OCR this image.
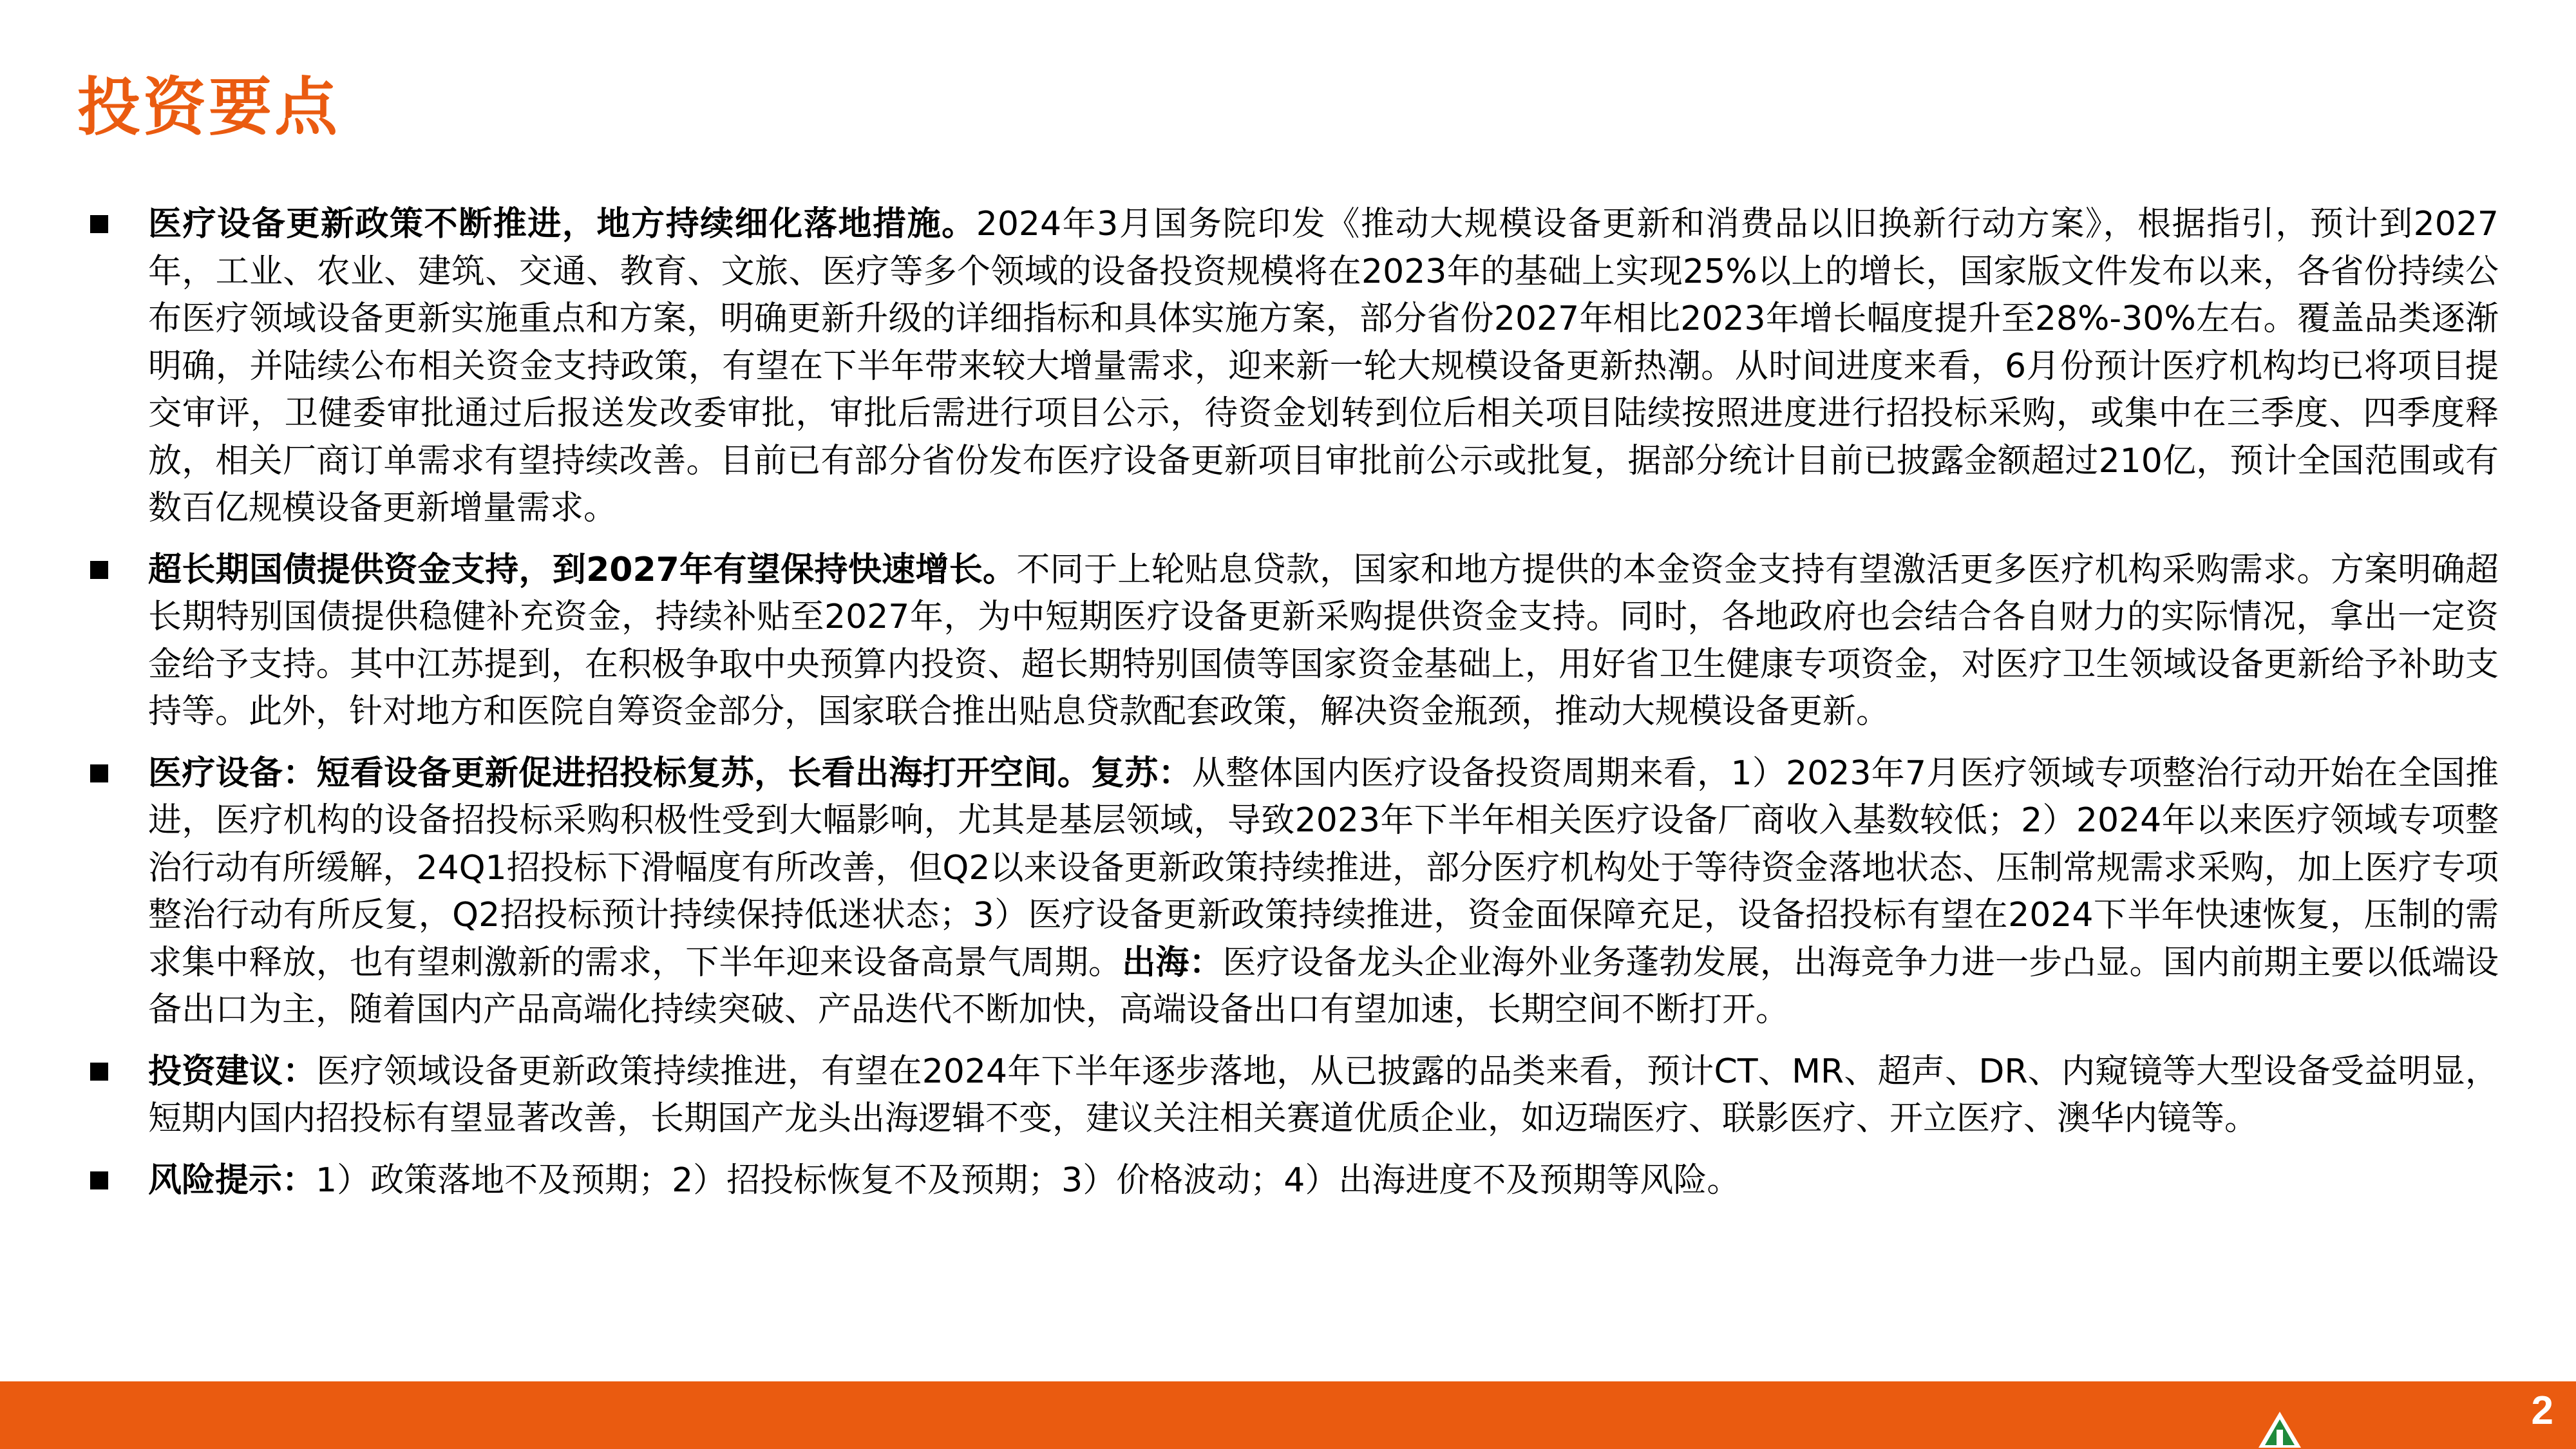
投资要点
医疗设备更新政策不断推进，地方持续细化落地措施。2024年3月国务院印发《推动大规模设备更新和消费品以旧换新行动方案》，根据指引，预计到2027年，工业、农业、建筑、交通、教育、文旅、医疗等多个领域的设备投资规模将在2023年的基础上实现25%以上的增长，国家版文件发布以来，各省份持续公布医疗领域设备更新实施重点和方案，明确更新升级的详细指标和具体实施方案，部分省份2027年相比2023年增长幅度提升至28%-30%左右。覆盖品类逐渐明确，并陆续公布相关资金支持政策，有望在下半年带来较大增量需求，迎来新一轮大规模设备更新热潮。从时间进度来看，6月份预计医疗机构均已将项目提交审评，卫健委审批通过后报送发改委审批，审批后需进行项目公示，待资金划转到位后相关项目陆续按照进度进行招投标采购，或集中在三季度、四季度释放，相关厂商订单需求有望持续改善。目前已有部分省份发布医疗设备更新项目审批前公示或批复，据部分统计目前已披露金额超过210亿，预计全国范围或有数百亿规模设备更新增量需求。
超长期国债提供资金支持，到2027年有望保持快速增长。不同于上轮贴息贷款，国家和地方提供的本金资金支持有望激活更多医疗机构采购需求。方案明确超长期特别国债提供稳健补充资金，持续补贴至2027年，为中短期医疗设备更新采购提供资金支持。同时，各地政府也会结合各自财力的实际情况，拿出一定资金给予支持。其中江苏提到，在积极争取中央预算内投资、超长期特别国债等国家资金基础上，用好省卫生健康专项资金，对医疗卫生领域设备更新给予补助支持等。此外，针对地方和医院自筹资金部分，国家联合推出贴息贷款配套政策，解决资金瓶颈，推动大规模设备更新。
医疗设备：短看设备更新促进招投标复苏，长看出海打开空间。复苏：从整体国内医疗设备投资周期来看，1）2023年7月医疗领域专项整治行动开始在全国推进，医疗机构的设备招投标采购积极性受到大幅影响，尤其是基层领域，导致2023年下半年相关医疗设备厂商收入基数较低；2）2024年以来医疗领域专项整治行动有所缓解，24Q1招投标下滑幅度有所改善，但Q2以来设备更新政策持续推进，部分医疗机构处于等待资金落地状态、压制常规需求采购，加上医疗专项整治行动有所反复，Q2招投标预计持续保持低迷状态；3）医疗设备更新政策持续推进，资金面保障充足，设备招投标有望在2024下半年快速恢复，压制的需求集中释放，也有望刺激新的需求，下半年迎来设备高景气周期。出海：医疗设备龙头企业海外业务蓬勃发展，出海竞争力进一步凸显。国内前期主要以低端设备出口为主，随着国内产品高端化持续突破、产品迭代不断加快，高端设备出口有望加速，长期空间不断打开。
投资建议：医疗领域设备更新政策持续推进，有望在2024年下半年逐步落地，从已披露的品类来看，预计CT、MR、超声、DR、内窥镜等大型设备受益明显，短期内国内招投标有望显著改善，长期国产龙头出海逻辑不变，建议关注相关赛道优质企业，如迈瑞医疗、联影医疗、开立医疗、澳华内镜等。
风险提示：1）政策落地不及预期；2）招投标恢复不及预期；3）价格波动；4）出海进度不及预期等风险。
2
